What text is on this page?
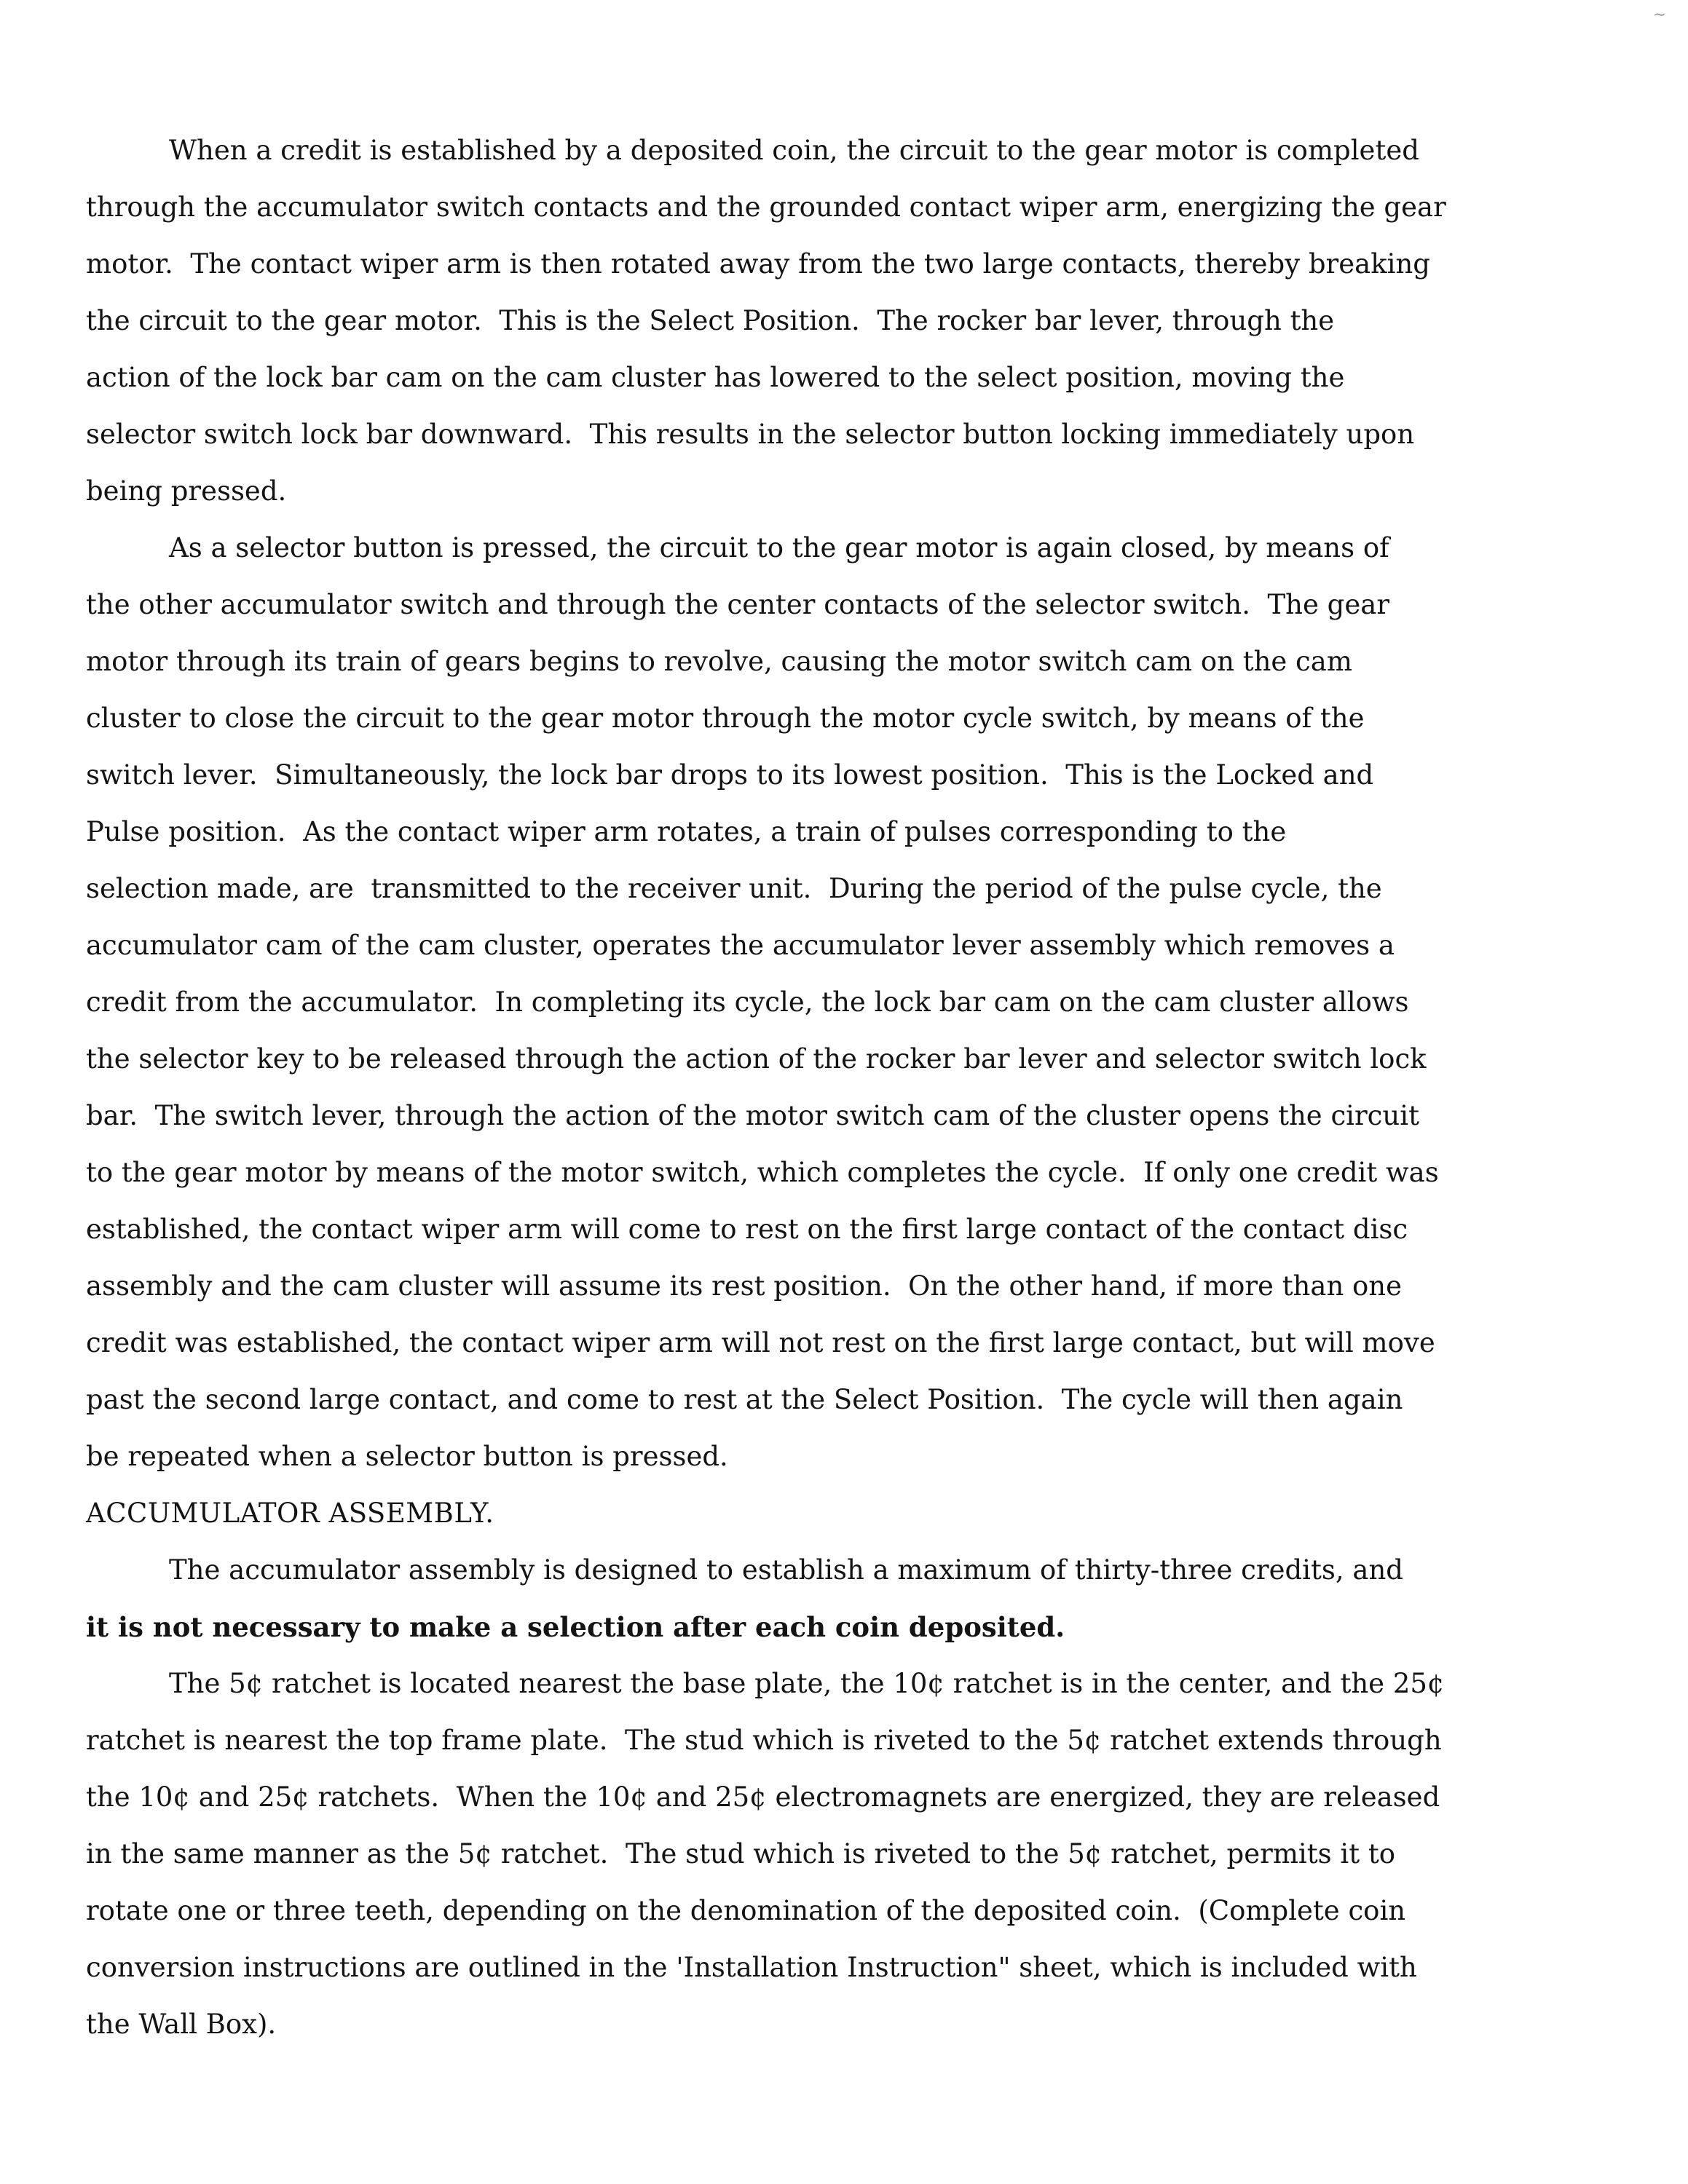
∼
When a credit is established by a deposited coin, the circuit to the gear motor is completed
through the accumulator switch contacts and the grounded contact wiper arm, energizing the gear
motor.  The contact wiper arm is then rotated away from the two large contacts, thereby breaking
the circuit to the gear motor.  This is the Select Position.  The rocker bar lever, through the
action of the lock bar cam on the cam cluster has lowered to the select position, moving the
selector switch lock bar downward.  This results in the selector button locking immediately upon
being pressed.
As a selector button is pressed, the circuit to the gear motor is again closed, by means of
the other accumulator switch and through the center contacts of the selector switch.  The gear
motor through its train of gears begins to revolve, causing the motor switch cam on the cam
cluster to close the circuit to the gear motor through the motor cycle switch, by means of the
switch lever.  Simultaneously, the lock bar drops to its lowest position.  This is the Locked and
Pulse position.  As the contact wiper arm rotates, a train of pulses corresponding to the
selection made, are  transmitted to the receiver unit.  During the period of the pulse cycle, the
accumulator cam of the cam cluster, operates the accumulator lever assembly which removes a
credit from the accumulator.  In completing its cycle, the lock bar cam on the cam cluster allows
the selector key to be released through the action of the rocker bar lever and selector switch lock
bar.  The switch lever, through the action of the motor switch cam of the cluster opens the circuit
to the gear motor by means of the motor switch, which completes the cycle.  If only one credit was
established, the contact wiper arm will come to rest on the first large contact of the contact disc
assembly and the cam cluster will assume its rest position.  On the other hand, if more than one
credit was established, the contact wiper arm will not rest on the first large contact, but will move
past the second large contact, and come to rest at the Select Position.  The cycle will then again
be repeated when a selector button is pressed.
ACCUMULATOR ASSEMBLY.
The accumulator assembly is designed to establish a maximum of thirty-three credits, and
it is not necessary to make a selection after each coin deposited.
The 5¢ ratchet is located nearest the base plate, the 10¢ ratchet is in the center, and the 25¢
ratchet is nearest the top frame plate.  The stud which is riveted to the 5¢ ratchet extends through
the 10¢ and 25¢ ratchets.  When the 10¢ and 25¢ electromagnets are energized, they are released
in the same manner as the 5¢ ratchet.  The stud which is riveted to the 5¢ ratchet, permits it to
rotate one or three teeth, depending on the denomination of the deposited coin.  (Complete coin
conversion instructions are outlined in the 'Installation Instruction" sheet, which is included with
the Wall Box).
